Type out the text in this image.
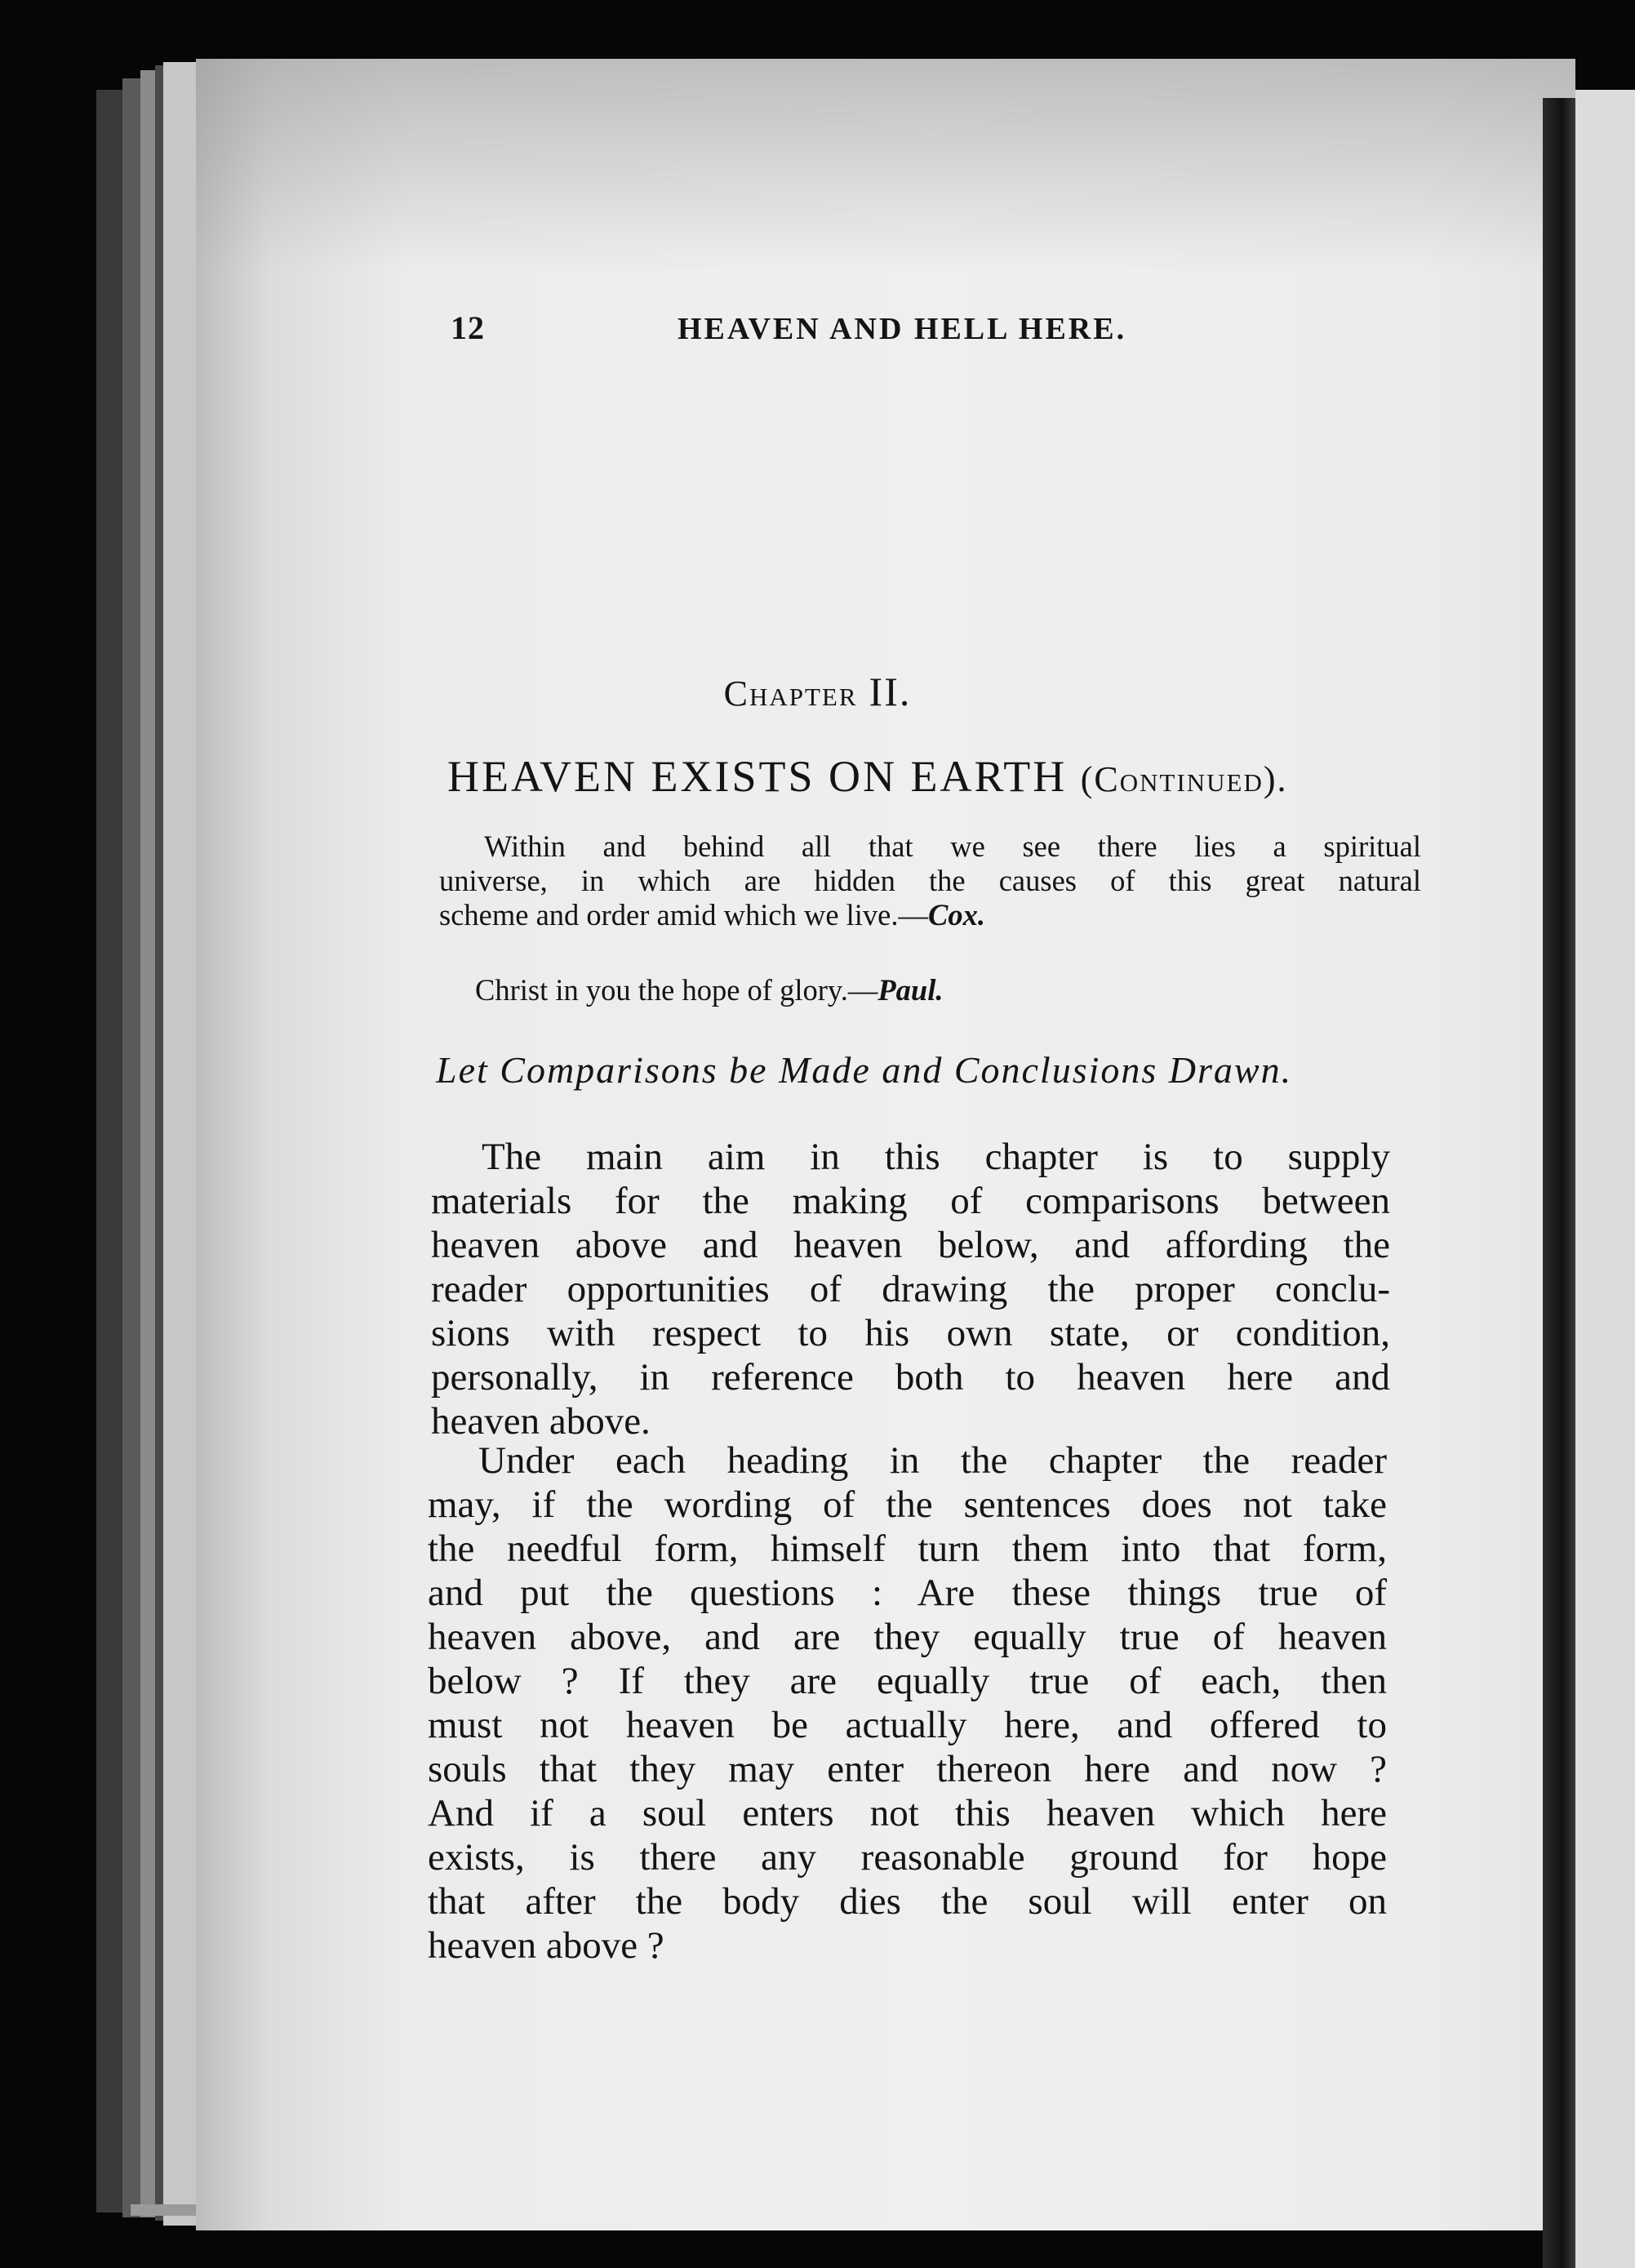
12	HEAVEN AND HELL HERE.
Chapter II.
HEAVEN EXISTS ON EARTH (Continued).
Within and behind all that we see there lies a spiritual
universe, in which are hidden the causes of this great natural
scheme and order amid which we live.—Cox.
Christ in you the hope of glory.—Paul.
Let Comparisons be Made and Conclusions Drawn.
The main aim in this chapter is to supply
materials for the making of comparisons between
heaven above and heaven below, and affording the
reader opportunities of drawing the proper conclu-
sions with respect to his own state, or condition,
personally, in reference both to heaven here and
heaven above.
Under each heading in the chapter the reader
may, if the wording of the sentences does not take
the needful form, himself turn them into that form,
and put the questions : Are these things true of
heaven above, and are they equally true of heaven
below ? If they are equally true of each, then
must not heaven be actually here, and offered to
souls that they may enter thereon here and now ?
And if a soul enters not this heaven which here
exists, is there any reasonable ground for hope
that after the body dies the soul will enter on
heaven above ?
